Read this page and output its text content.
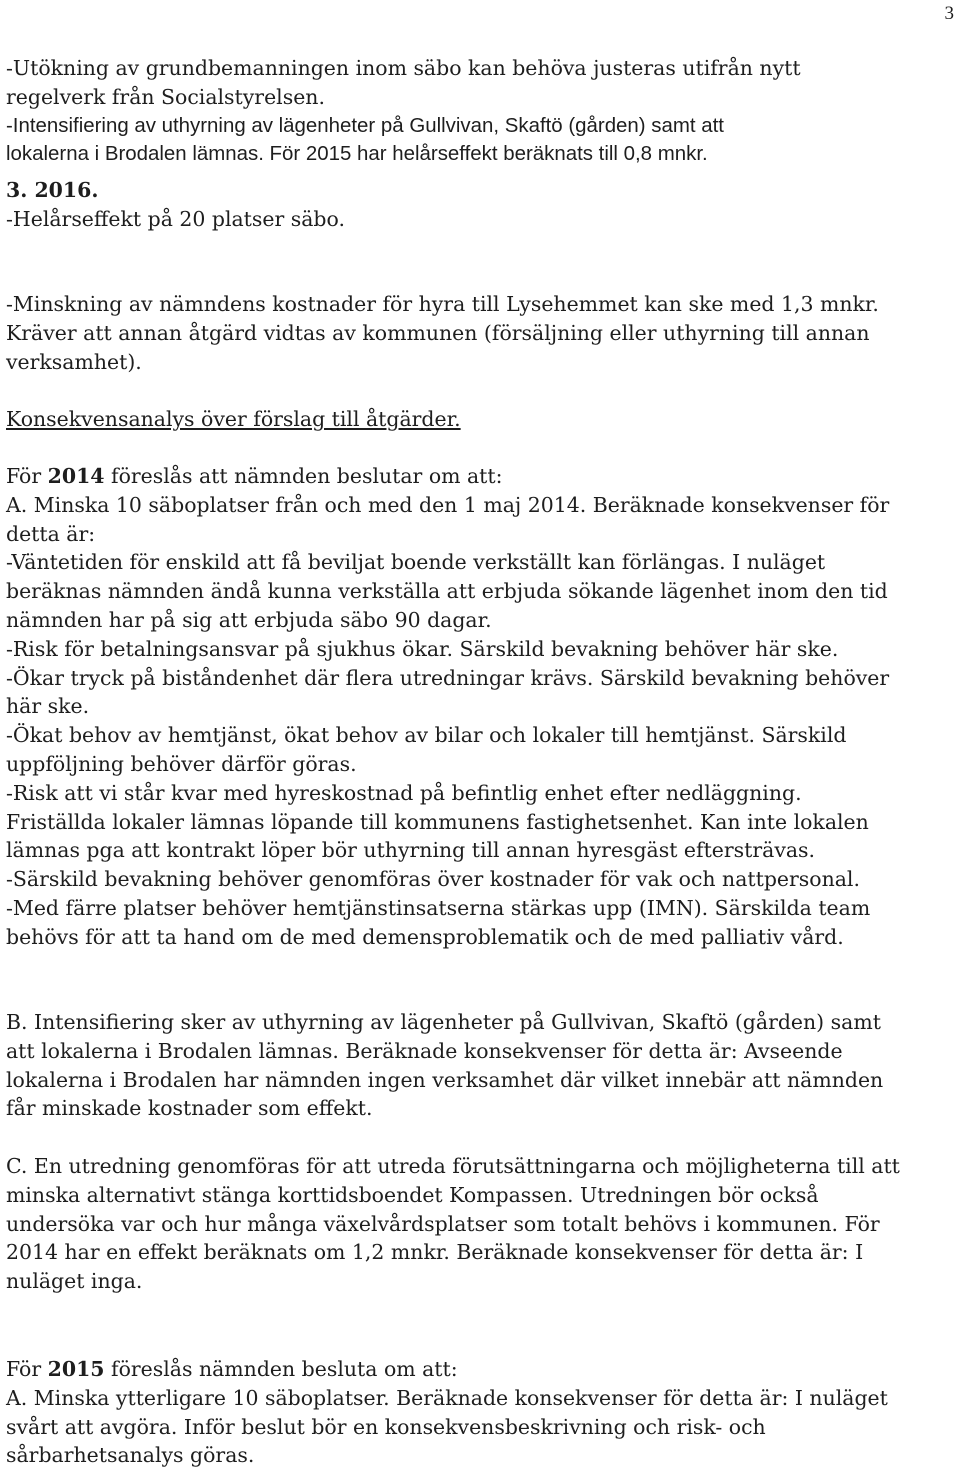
3
-Utökning av grundbemanningen inom säbo kan behöva justeras utifrån nytt
regelverk från Socialstyrelsen.
-Intensifiering av uthyrning av lägenheter på Gullvivan, Skaftö (gården) samt att
lokalerna i Brodalen lämnas. För 2015 har helårseffekt beräknats till 0,8 mnkr.
3. 2016.
-Helårseffekt på 20 platser säbo.
-Minskning av nämndens kostnader för hyra till Lysehemmet kan ske med 1,3 mnkr.
Kräver att annan åtgärd vidtas av kommunen (försäljning eller uthyrning till annan
verksamhet).
Konsekvensanalys över förslag till åtgärder.
För 2014 föreslås att nämnden beslutar om att:
A. Minska 10 säboplatser från och med den 1 maj 2014. Beräknade konsekvenser för
detta är:
-Väntetiden för enskild att få beviljat boende verkställt kan förlängas. I nuläget
beräknas nämnden ändå kunna verkställa att erbjuda sökande lägenhet inom den tid
nämnden har på sig att erbjuda säbo 90 dagar.
-Risk för betalningsansvar på sjukhus ökar. Särskild bevakning behöver här ske.
-Ökar tryck på biståndenhet där flera utredningar krävs. Särskild bevakning behöver
här ske.
-Ökat behov av hemtjänst, ökat behov av bilar och lokaler till hemtjänst. Särskild
uppföljning behöver därför göras.
-Risk att vi står kvar med hyreskostnad på befintlig enhet efter nedläggning.
Friställda lokaler lämnas löpande till kommunens fastighetsenhet. Kan inte lokalen
lämnas pga att kontrakt löper bör uthyrning till annan hyresgäst eftersträvas.
-Särskild bevakning behöver genomföras över kostnader för vak och nattpersonal.
-Med färre platser behöver hemtjänstinsatserna stärkas upp (IMN). Särskilda team
behövs för att ta hand om de med demensproblematik och de med palliativ vård.
B. Intensifiering sker av uthyrning av lägenheter på Gullvivan, Skaftö (gården) samt
att lokalerna i Brodalen lämnas. Beräknade konsekvenser för detta är: Avseende
lokalerna i Brodalen har nämnden ingen verksamhet där vilket innebär att nämnden
får minskade kostnader som effekt.
C. En utredning genomföras för att utreda förutsättningarna och möjligheterna till att
minska alternativt stänga korttidsboendet Kompassen. Utredningen bör också
undersöka var och hur många växelvårdsplatser som totalt behövs i kommunen. För
2014 har en effekt beräknats om 1,2 mnkr. Beräknade konsekvenser för detta är: I
nuläget inga.
För 2015 föreslås nämnden besluta om att:
A. Minska ytterligare 10 säboplatser. Beräknade konsekvenser för detta är: I nuläget
svårt att avgöra. Inför beslut bör en konsekvensbeskrivning och risk- och
sårbarhetsanalys göras.
